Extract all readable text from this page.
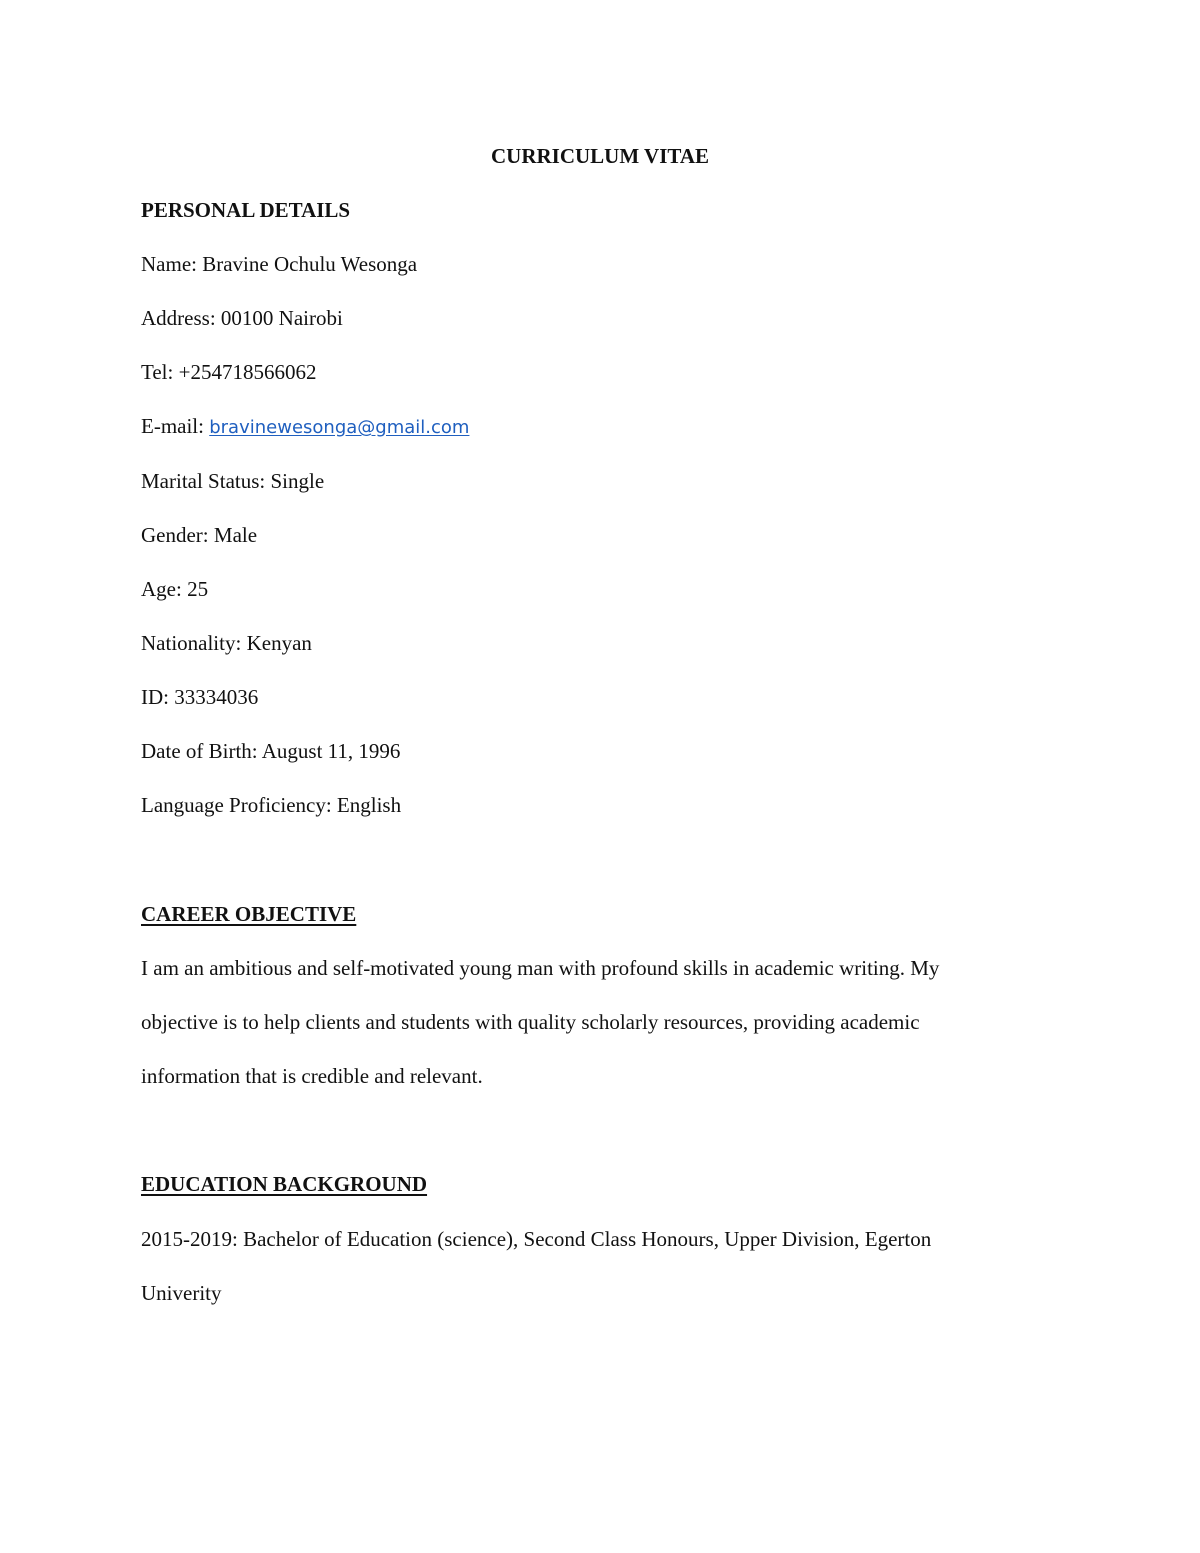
CURRICULUM VITAE
PERSONAL DETAILS
Name: Bravine Ochulu Wesonga
Address: 00100 Nairobi
Tel: +254718566062
E-mail: bravinewesonga@gmail.com
Marital Status: Single
Gender: Male
Age: 25
Nationality: Kenyan
ID: 33334036
Date of Birth: August 11, 1996
Language Proficiency: English
CAREER OBJECTIVE
I am an ambitious and self-motivated young man with profound skills in academic writing. My
objective is to help clients and students with quality scholarly resources, providing academic
information that is credible and relevant.
EDUCATION BACKGROUND
2015-2019: Bachelor of Education (science), Second Class Honours, Upper Division, Egerton
Univerity
